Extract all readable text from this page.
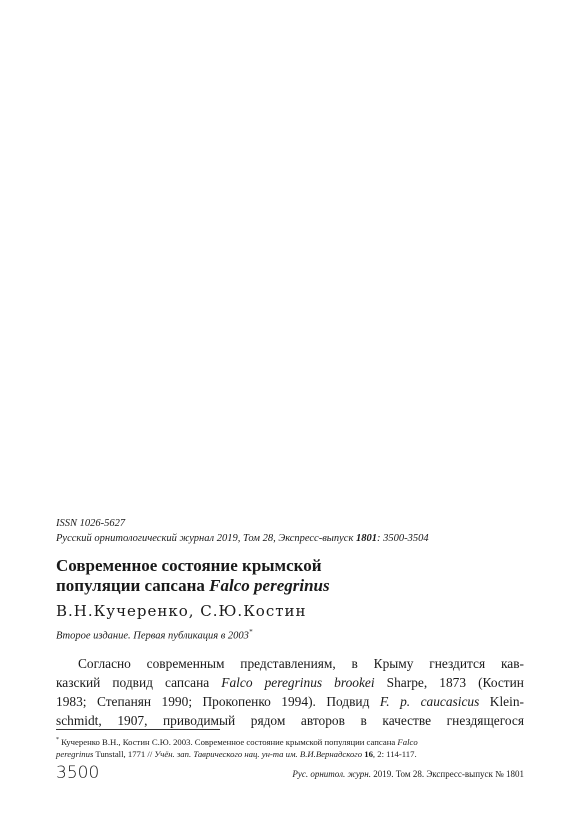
ISSN 1026-5627
Русский орнитологический журнал 2019, Том 28, Экспресс-выпуск 1801: 3500-3504
Современное состояние крымской
популяции сапсана Falco peregrinus
В.Н.Кучеренко, С.Ю.Костин
Второе издание. Первая публикация в 2003*
Согласно современным представлениям, в Крыму гнездится кав-
казский подвид сапсана Falco peregrinus brookei Sharpe, 1873 (Костин
1983; Степанян 1990; Прокопенко 1994). Подвид F. p. caucasicus Klein-
schmidt, 1907, приводимый рядом авторов в качестве гнездящегося
* Кучеренко В.Н., Костин С.Ю. 2003. Современное состояние крымской популяции сапсана Falco
peregrinus Tunstall, 1771 // Учён. зап. Таврического нац. ун-та им. В.И.Вернадского 16, 2: 114-117.
3500	Рус. орнитол. журн. 2019. Том 28. Экспресс-выпуск № 1801
